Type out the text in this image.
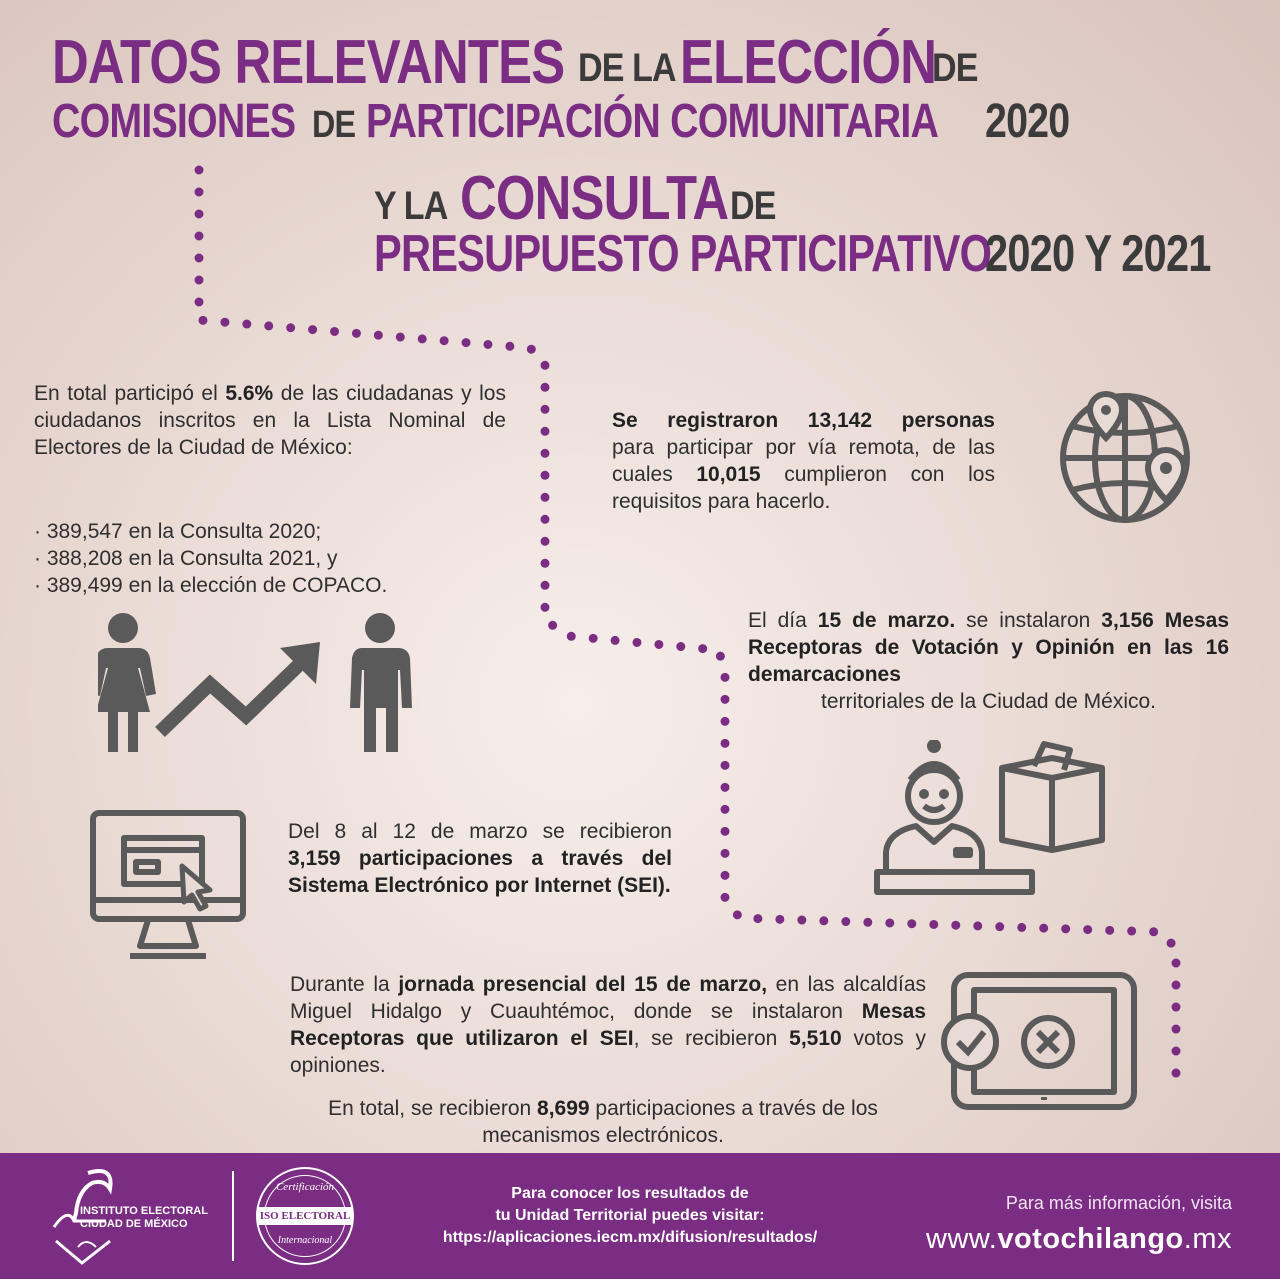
DATOS RELEVANTES DE LA ELECCIÓN
DE
COMISIONES DE PARTICIPACIÓN COMUNITARIA 2020
Y LA CONSULTA DE
PRESUPUESTO PARTICIPATIVO
2020 Y 2021

En total participó el 5.6% de las ciudadanas y los ciudadanos inscritos en la Lista Nominal de Electores de la Ciudad de México:

· 389,547 en la Consulta 2020;
· 388,208 en la Consulta 2021, y
· 389,499 en la elección de COPACO.
Se registraron 13,142 personas
para participar por vía remota, de las cuales 10,015 cumplieron con los requisitos para hacerlo.

El día 15 de marzo. se instalaron 3,156 Mesas Receptoras de Votación y Opinión en las 16 demarcaciones

territoriales de la Ciudad de México.

Del 8 al 12 de marzo se recibieron

3,159 participaciones a través del Sistema Electrónico por Internet (SEI).

Durante la jornada presencial del 15 de marzo, en las alcaldías Miguel Hidalgo y Cuauhtémoc, donde se instalaron Mesas Receptoras que utilizaron el SEI, se recibieron 5,510 votos y opiniones.

En total, se recibieron 8,699 participaciones a través de los mecanismos electrónicos.
INSTITUTO ELECTORAL
CIUDAD DE MÉXICO
Certificación
ISO ELECTORAL
Internacional
Para conocer los resultados de
tu Unidad Territorial puedes visitar:
https://aplicaciones.iecm.mx/difusion/resultados/
Para más información, visita
www.votochilango.mx
